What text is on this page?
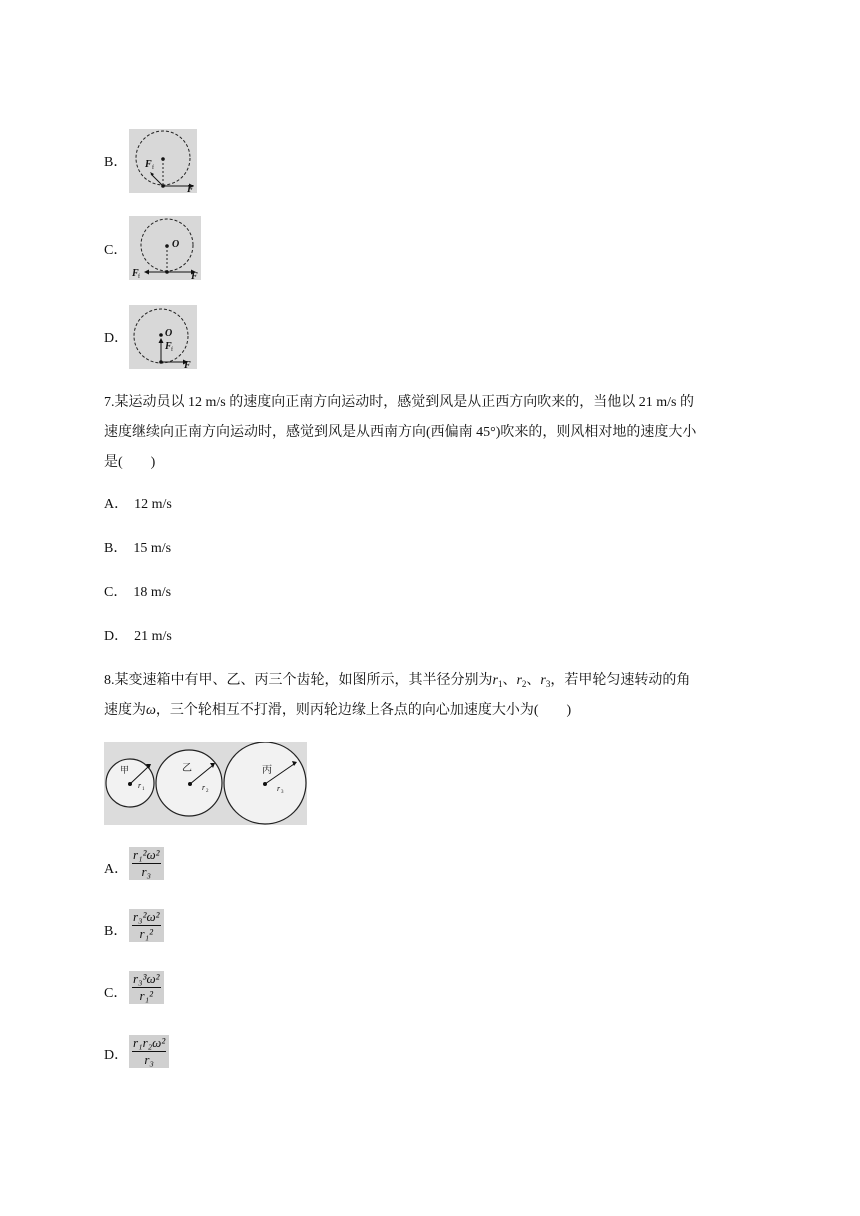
B． F f
F
C．	O
F f	F
D．	O
F f
F
7.某运动员以 12 m/s 的速度向正南方向运动时，感觉到风是从正西方向吹来的，当他以 21 m/s 的
速度继续向正南方向运动时，感觉到风是从西南方向(西偏南 45°)吹来的，则风相对地的速度大小
是(　　)
A． 12 m/s
B． 15 m/s
C． 18 m/s
D． 21 m/s
8.某变速箱中有甲、乙、丙三个齿轮，如图所示，其半径分别为$r_1$、$r_2$、$r_3$，若甲轮匀速转动的角
速度为ω，三个轮相互不打滑，则丙轮边缘上各点的向心加速度大小为(　　)
甲
r 1
乙
r 2
丙
r 3
A． $\frac{\text{r₁²ω²}}{\text{r₃}}$
B． $\frac{\text{r₃²ω²}}{\text{r₁²}}$
C． $\frac{\text{r₃³ω²}}{\text{r₁²}}$
D． $\frac{\text{r₁r₂ω²}}{\text{r₃}}$
